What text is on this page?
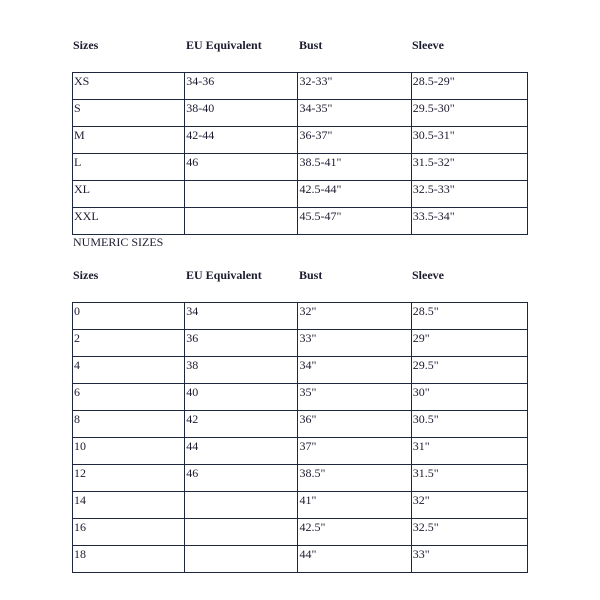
Sizes	EU Equivalent	Bust	Sleeve
XS	34-36	32-33"	28.5-29"
S	38-40	34-35"	29.5-30"
M	42-44	36-37"	30.5-31"
L	46	38.5-41"	31.5-32"
XL		42.5-44"	32.5-33"
XXL		45.5-47"	33.5-34"
NUMERIC SIZES
Sizes	EU Equivalent	Bust	Sleeve
0	34	32"	28.5"
2	36	33"	29"
4	38	34"	29.5"
6	40	35"	30"
8	42	36"	30.5"
10	44	37"	31"
12	46	38.5"	31.5"
14		41"	32"
16		42.5"	32.5"
18		44"	33"
